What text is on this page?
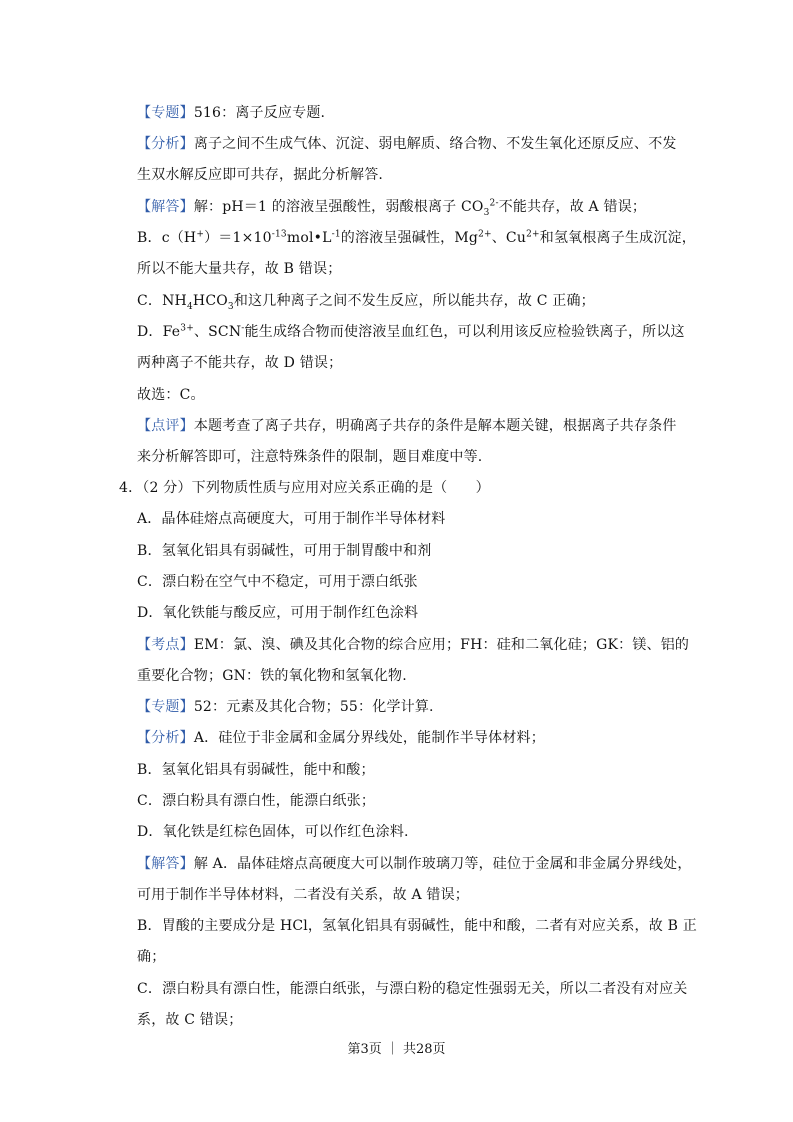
【专题】516：离子反应专题.
【分析】离子之间不生成气体、沉淀、弱电解质、络合物、不发生氧化还原反应、不发
生双水解反应即可共存，据此分析解答.
【解答】解：pH＝1 的溶液呈强酸性，弱酸根离子 $CO_3^{2-}$不能共存，故 A 错误；
B．$c(H^+)=1\times 10^{-13}mol•L^{-1}$的溶液呈强碱性，$Mg^{2+}$、$Cu^{2+}$和氢氧根离子生成沉淀，
所以不能大量共存，故 B 错误；
C．$NH_4HCO_3$和这几种离子之间不发生反应，所以能共存，故 C 正确；
D．$Fe^{3+}$、SCN-能生成络合物而使溶液呈血红色，可以利用该反应检验铁离子，所以这
两种离子不能共存，故 D 错误；
故选：C。
【点评】本题考查了离子共存，明确离子共存的条件是解本题关键，根据离子共存条件
来分析解答即可，注意特殊条件的限制，题目难度中等.
4．（2 分）下列物质性质与应用对应关系正确的是（　　）
A．晶体硅熔点高硬度大，可用于制作半导体材料
B．氢氧化铝具有弱碱性，可用于制胃酸中和剂
C．漂白粉在空气中不稳定，可用于漂白纸张
D．氧化铁能与酸反应，可用于制作红色涂料
【考点】EM：氯、溴、碘及其化合物的综合应用；FH：硅和二氧化硅；GK：镁、铝的
重要化合物；GN：铁的氧化物和氢氧化物.
【专题】52：元素及其化合物；55：化学计算.
【分析】A．硅位于非金属和金属分界线处，能制作半导体材料；
B．氢氧化铝具有弱碱性，能中和酸；
C．漂白粉具有漂白性，能漂白纸张；
D．氧化铁是红棕色固体，可以作红色涂料.
【解答】解 A．晶体硅熔点高硬度大可以制作玻璃刀等，硅位于金属和非金属分界线处，
可用于制作半导体材料，二者没有关系，故 A 错误；
B．胃酸的主要成分是 HCl，氢氧化铝具有弱碱性，能中和酸，二者有对应关系，故 B 正
确；
C．漂白粉具有漂白性，能漂白纸张，与漂白粉的稳定性强弱无关，所以二者没有对应关
系，故 C 错误；
第3页 ｜ 共28页
